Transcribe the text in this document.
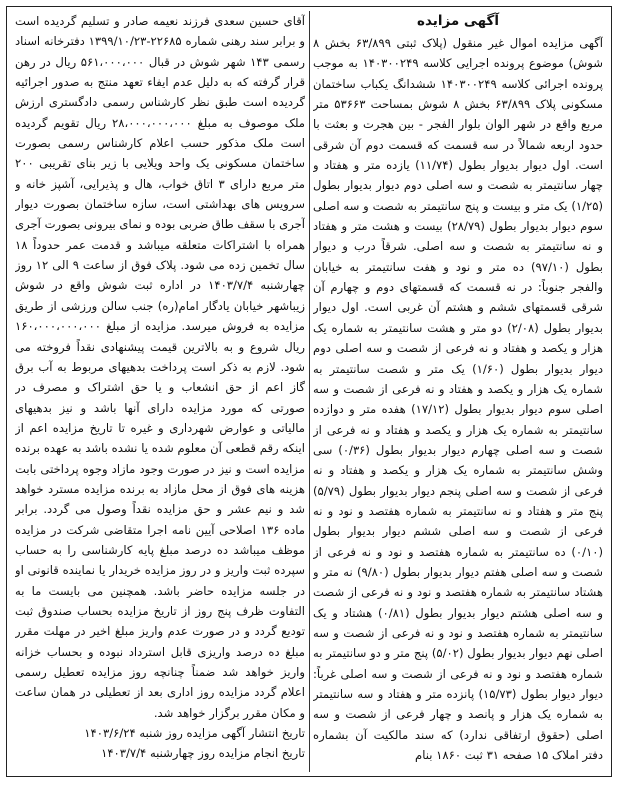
آگهی مزایده

آگهی مزایده اموال غیر منقول (پلاک ثبتی ۶۳/۸۹۹ بخش ۸ شوش) موضوع پرونده اجرایی کلاسه ۱۴۰۳۰۰۲۴۹ به موجب پرونده اجرائی کلاسه ۱۴۰۳۰۰۲۴۹ ششدانگ یکباب ساختمان مسکونی پلاک ۶۳/۸۹۹ بخش ۸ شوش بمساحت ۵۳۶۶۳ متر مربع واقع در شهر الوان بلوار الفجر - بین هجرت و بعثت با حدود اربعه شمالاً در سه قسمت که قسمت دوم آن شرقی است. اول دیوار بدیوار بطول (۱۱/۷۴) یازده متر و هفتاد و چهار سانتیمتر به شصت و سه اصلی دوم دیوار بدیوار بطول (۱/۲۵) یک متر و بیست و پنج سانتیمتر به شصت و سه اصلی سوم دیوار بدیوار بطول (۲۸/۷۹) بیست و هشت متر و هفتاد و نه سانتیمتر به شصت و سه اصلی. شرقاً درب و دیوار بطول (۹۷/۱۰) ده متر و نود و هفت سانتیمتر به خیابان والفجر جنوباً: در نه قسمت که قسمتهای دوم و چهارم آن شرقی قسمتهای ششم و هشتم آن غربی است. اول دیوار بدیوار بطول (۲/۰۸) دو متر و هشت سانتیمتر به شماره یک هزار و یکصد و هفتاد و نه فرعی از شصت و سه اصلی دوم دیوار بدیوار بطول (۱/۶۰) یک متر و شصت سانتیمتر به شماره یک هزار و یکصد و هفتاد و نه فرعی از شصت و سه اصلی سوم دیوار بدیوار بطول (۱۷/۱۲) هفده متر و دوازده سانتیمتر به شماره یک هزار و یکصد و هفتاد و نه فرعی از شصت و سه اصلی چهارم دیوار بدیوار بطول (۰/۳۶) سی وشش سانتیمتر به شماره یک هزار و یکصد و هفتاد و نه فرعی از شصت و سه اصلی پنجم دیوار بدیوار بطول (۵/۷۹) پنج متر و هفتاد و نه سانتیمتر به شماره هفتصد و نود و نه فرعی از شصت و سه اصلی ششم دیوار بدیوار بطول (۰/۱۰) ده سانتیمتر به شماره هفتصد و نود و نه فرعی از شصت و سه اصلی هفتم دیوار بدیوار بطول (۹/۸۰) نه متر و هشتاد سانتیمتر به شماره هفتصد و نود و نه فرعی از شصت و سه اصلی هشتم دیوار بدیوار بطول (۰/۸۱) هشتاد و یک سانتیمتر به شماره هفتصد و نود و نه فرعی از شصت و سه اصلی نهم دیوار بدیوار بطول (۵/۰۲) پنج متر و دو سانتیمتر به شماره هفتصد و نود و نه فرعی از شصت و سه اصلی غرباً: دیوار دیوار بطول (۱۵/۷۳) پانزده متر و هفتاد و سه سانتیمتر به شماره یک هزار و پانصد و چهار فرعی از شصت و سه اصلی (حقوق ارتفاقی ندارد) که سند مالکیت آن بشماره دفتر املاک ۱۵ صفحه ۳۱ ثبت ۱۸۶۰ بنام

آقای حسین سعدی فرزند نعیمه صادر و تسلیم گردیده است و برابر سند رهنی شماره ۲۲۶۸۵-۱۳۹۹/۱۰/۲۳ دفترخانه اسناد رسمی ۱۴۳ شهر شوش در قبال ۵۶۱،۰۰۰،۰۰۰ ریال در رهن قرار گرفته که به دلیل عدم ایفاء تعهد منتج به صدور اجرائیه گردیده است طبق نظر کارشناس رسمی دادگستری ارزش ملک موصوف به مبلغ ۲۸،۰۰۰،۰۰۰،۰۰۰ ریال تقویم گردیده است ملک مذکور حسب اعلام کارشناس رسمی بصورت ساختمان مسکونی یک واحد ویلایی با زیر بنای تقریبی ۲۰۰ متر مربع دارای ۳ اتاق خواب، هال و پذیرایی، آشپز خانه و سرویس های بهداشتی است، سازه ساختمان بصورت دیوار آجری با سقف طاق ضربی بوده و نمای بیرونی بصورت آجری همراه با اشتراکات متعلقه میباشد و قدمت عمر حدوداً ۱۸ سال تخمین زده می شود. پلاک فوق از ساعت ۹ الی ۱۲ روز چهارشنبه ۱۴۰۳/۷/۴ در اداره ثبت شوش واقع در شوش زیباشهر خیابان یادگار امام(ره) جنب سالن ورزشی از طریق مزایده به فروش میرسد. مزایده از مبلغ ۱۶۰،۰۰۰،۰۰۰،۰۰۰ ریال شروع و به بالاترین قیمت پیشنهادی نقداً فروخته می شود. لازم به ذکر است پرداخت بدهیهای مربوط به آب برق گاز اعم از حق انشعاب و یا حق اشتراک و مصرف در صورتی که مورد مزایده دارای آنها باشد و نیز بدهیهای مالیاتی و عوارض شهرداری و غیره تا تاریخ مزایده اعم از اینکه رقم قطعی آن معلوم شده یا نشده باشد به عهده برنده مزایده است و نیز در صورت وجود مازاد وجوه پرداختی بابت هزینه های فوق از محل مازاد به برنده مزایده مسترد خواهد شد و نیم عشر و حق مزایده نقداً وصول می گردد. برابر ماده ۱۳۶ اصلاحی آیین نامه اجرا متقاضی شرکت در مزایده موظف میباشد ده درصد مبلغ پایه کارشناسی را به حساب سپرده ثبت واریز و در روز مزایده خریدار یا نماینده قانونی او در جلسه مزایده حاضر باشد. همچنین می بایست ما به التفاوت ظرف پنج روز از تاریخ مزایده بحساب صندوق ثبت تودیع گردد و در صورت عدم واریز مبلغ اخیر در مهلت مقرر مبلغ ده درصد واریزی قابل استرداد نبوده و بحساب خزانه واریز خواهد شد ضمناً چنانچه روز مزایده تعطیل رسمی اعلام گردد مزایده روز اداری بعد از تعطیلی در همان ساعت و مکان مقرر برگزار خواهد شد.

تاریخ انتشار آگهی مزایده روز شنبه ۱۴۰۳/۶/۲۴

تاریخ انجام مزایده روز چهارشنبه ۱۴۰۳/۷/۴
